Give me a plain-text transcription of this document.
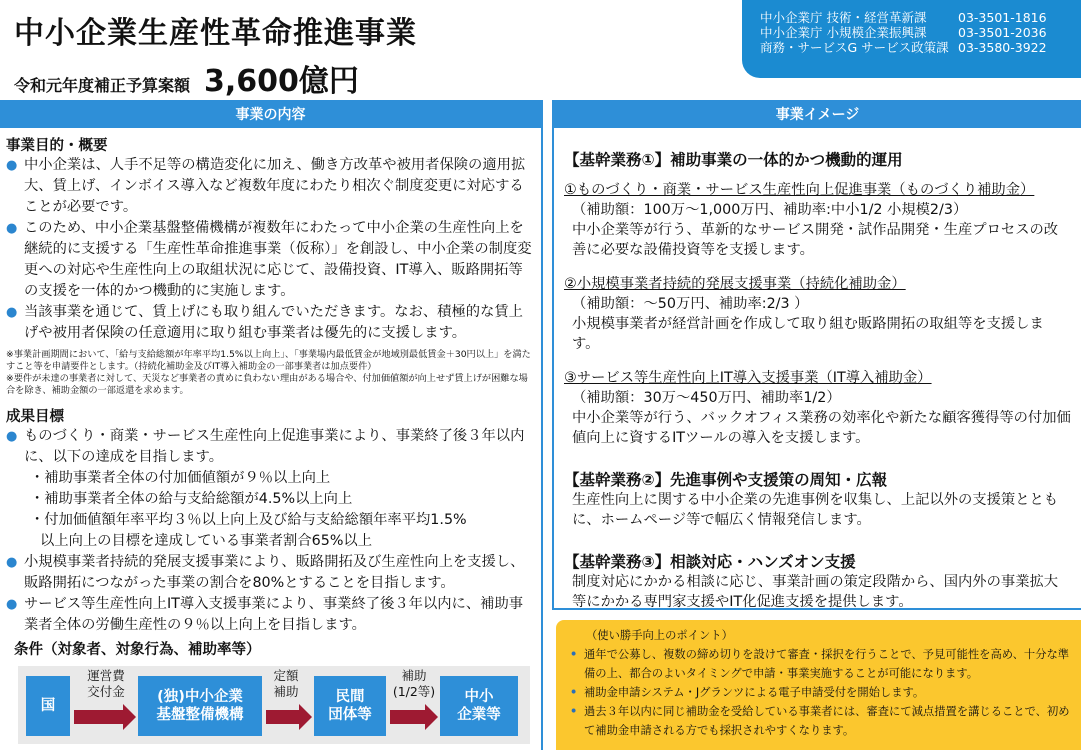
中小企業生産性革命推進事業
令和元年度補正予算案額 3,600億円
中小企業庁 技術・経営革新課	03-3501-1816
中小企業庁 小規模企業振興課	03-3501-2036
商務・サービスG サービス政策課 03-3580-3922
事業の内容
事業目的・概要
● 中小企業は、人手不足等の構造変化に加え、働き方改革や被用者保険の適用拡大、賃上げ、インボイス導入など複数年度にわたり相次ぐ制度変更に対応することが必要です。
● このため、中小企業基盤整備機構が複数年にわたって中小企業の生産性向上を継続的に支援する「生産性革命推進事業（仮称）」を創設し、中小企業の制度変更への対応や生産性向上の取組状況に応じて、設備投資、IT導入、販路開拓等の支援を一体的かつ機動的に実施します。
● 当該事業を通じて、賃上げにも取り組んでいただきます。なお、積極的な賃上げや被用者保険の任意適用に取り組む事業者は優先的に支援します。
※事業計画期間において、「給与支給総額が年率平均1.5%以上向上」、「事業場内最低賃金が地域別最低賃金＋30円以上」を満たすこと等を申請要件とします。（持続化補助金及びIT導入補助金の一部事業者は加点要件）
※要件が未達の事業者に対して、天災など事業者の責めに負わない理由がある場合や、付加価値額が向上せず賃上げが困難な場合を除き、補助金額の一部返還を求めます。
成果目標
● ものづくり・商業・サービス生産性向上促進事業により、事業終了後３年以内に、以下の達成を目指します。
・補助事業者全体の付加価値額が９％以上向上
・補助事業者全体の給与支給総額が4.5%以上向上
・付加価値額年率平均３％以上向上及び給与支給総額年率平均1.5%
以上向上の目標を達成している事業者割合65%以上
● 小規模事業者持続的発展支援事業により、販路開拓及び生産性向上を支援し、販路開拓につながった事業の割合を80%とすることを目指します。
● サービス等生産性向上IT導入支援事業により、事業終了後３年以内に、補助事業者全体の労働生産性の９％以上向上を目指します。
条件（対象者、対象行為、補助率等）
国
運営費
交付金	(独)中小企業
基盤整備機構
定額
補助	民間
団体等
補助
(1/2等)	中小
企業等
事業イメージ
【基幹業務①】補助事業の一体的かつ機動的運用
①ものづくり・商業・サービス生産性向上促進事業（ものづくり補助金）
（補助額：100万～1,000万円、補助率:中小1/2 小規模2/3）
中小企業等が行う、革新的なサービス開発・試作品開発・生産プロセスの改善に必要な設備投資等を支援します。
②小規模事業者持続的発展支援事業（持続化補助金）
（補助額：～50万円、補助率:2/3 ）
小規模事業者が経営計画を作成して取り組む販路開拓の取組等を支援します。
③サービス等生産性向上IT導入支援事業（IT導入補助金）
（補助額：30万～450万円、補助率1/2）
中小企業等が行う、バックオフィス業務の効率化や新たな顧客獲得等の付加価値向上に資するITツールの導入を支援します。
【基幹業務②】先進事例や支援策の周知・広報
生産性向上に関する中小企業の先進事例を収集し、上記以外の支援策とともに、ホームページ等で幅広く情報発信します。
【基幹業務③】相談対応・ハンズオン支援
制度対応にかかる相談に応じ、事業計画の策定段階から、国内外の事業拡大等にかかる専門家支援やIT化促進支援を提供します。
（使い勝手向上のポイント）
• 通年で公募し、複数の締め切りを設けて審査・採択を行うことで、予見可能性を高め、十分な準備の上、都合のよいタイミングで申請・事業実施することが可能になります。
• 補助金申請システム・Jグランツによる電子申請受付を開始します。
• 過去３年以内に同じ補助金を受給している事業者には、審査にて減点措置を講じることで、初めて補助金申請される方でも採択されやすくなります。
